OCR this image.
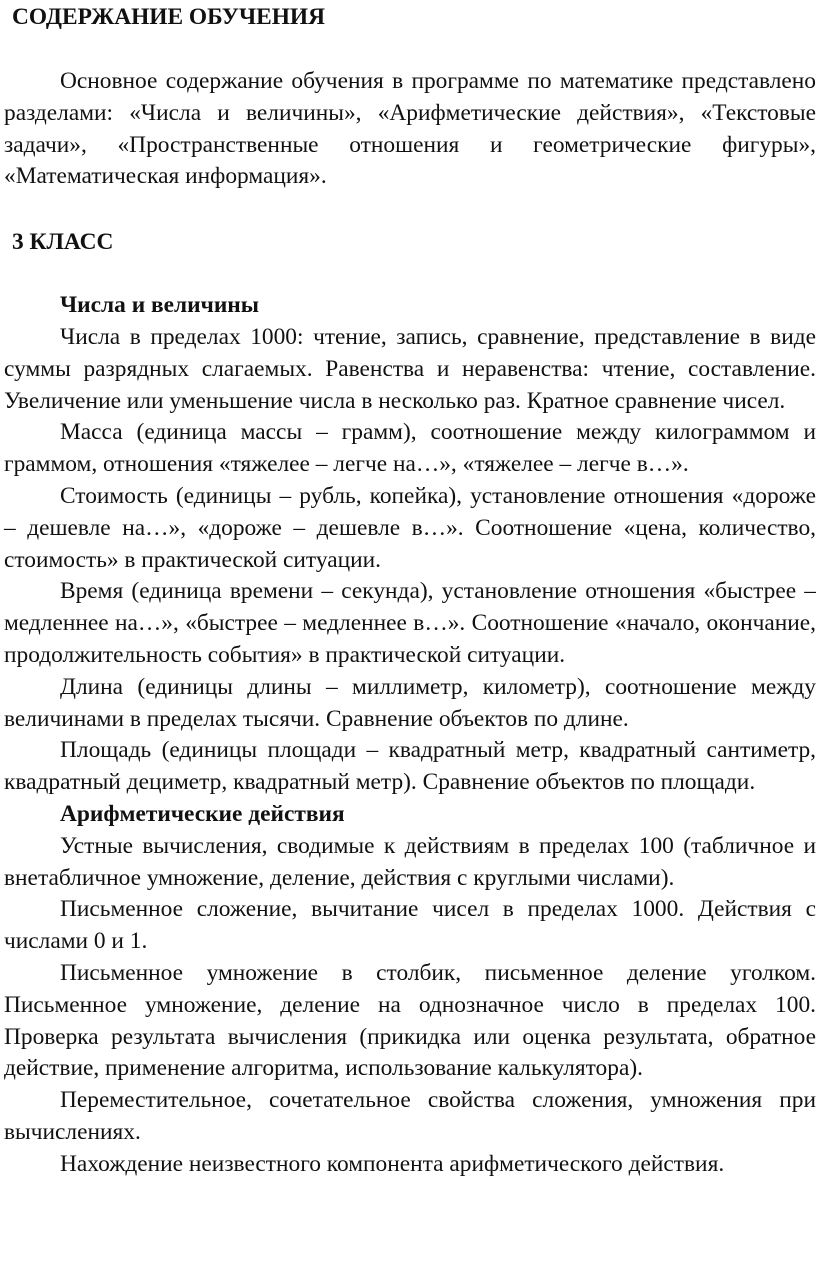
СОДЕРЖАНИЕ ОБУЧЕНИЯ

Основное содержание обучения в программе по математике представлено разделами: «Числа и величины», «Арифметические действия», «Текстовые задачи», «Пространственные отношения и геометрические фигуры», «Математическая информация».

3 КЛАСС
Числа и величины

Числа в пределах 1000: чтение, запись, сравнение, представление в виде суммы разрядных слагаемых. Равенства и неравенства: чтение, составление. Увеличение или уменьшение числа в несколько раз. Кратное сравнение чисел.

Масса (единица массы – грамм), соотношение между килограммом и граммом, отношения «тяжелее – легче на…», «тяжелее – легче в…».

Стоимость (единицы – рубль, копейка), установление отношения «дороже – дешевле на…», «дороже – дешевле в…». Соотношение «цена, количество, стоимость» в практической ситуации.

Время (единица времени – секунда), установление отношения «быстрее – медленнее на…», «быстрее – медленнее в…». Соотношение «начало, окончание, продолжительность события» в практической ситуации.

Длина (единицы длины – миллиметр, километр), соотношение между величинами в пределах тысячи. Сравнение объектов по длине.

Площадь (единицы площади – квадратный метр, квадратный сантиметр, квадратный дециметр, квадратный метр). Сравнение объектов по площади.

Арифметические действия

Устные вычисления, сводимые к действиям в пределах 100 (табличное и внетабличное умножение, деление, действия с круглыми числами).

Письменное сложение, вычитание чисел в пределах 1000. Действия с числами 0 и 1.

Письменное умножение в столбик, письменное деление уголком. Письменное умножение, деление на однозначное число в пределах 100. Проверка результата вычисления (прикидка или оценка результата, обратное действие, применение алгоритма, использование калькулятора).

Переместительное, сочетательное свойства сложения, умножения при вычислениях.

Нахождение неизвестного компонента арифметического действия.
